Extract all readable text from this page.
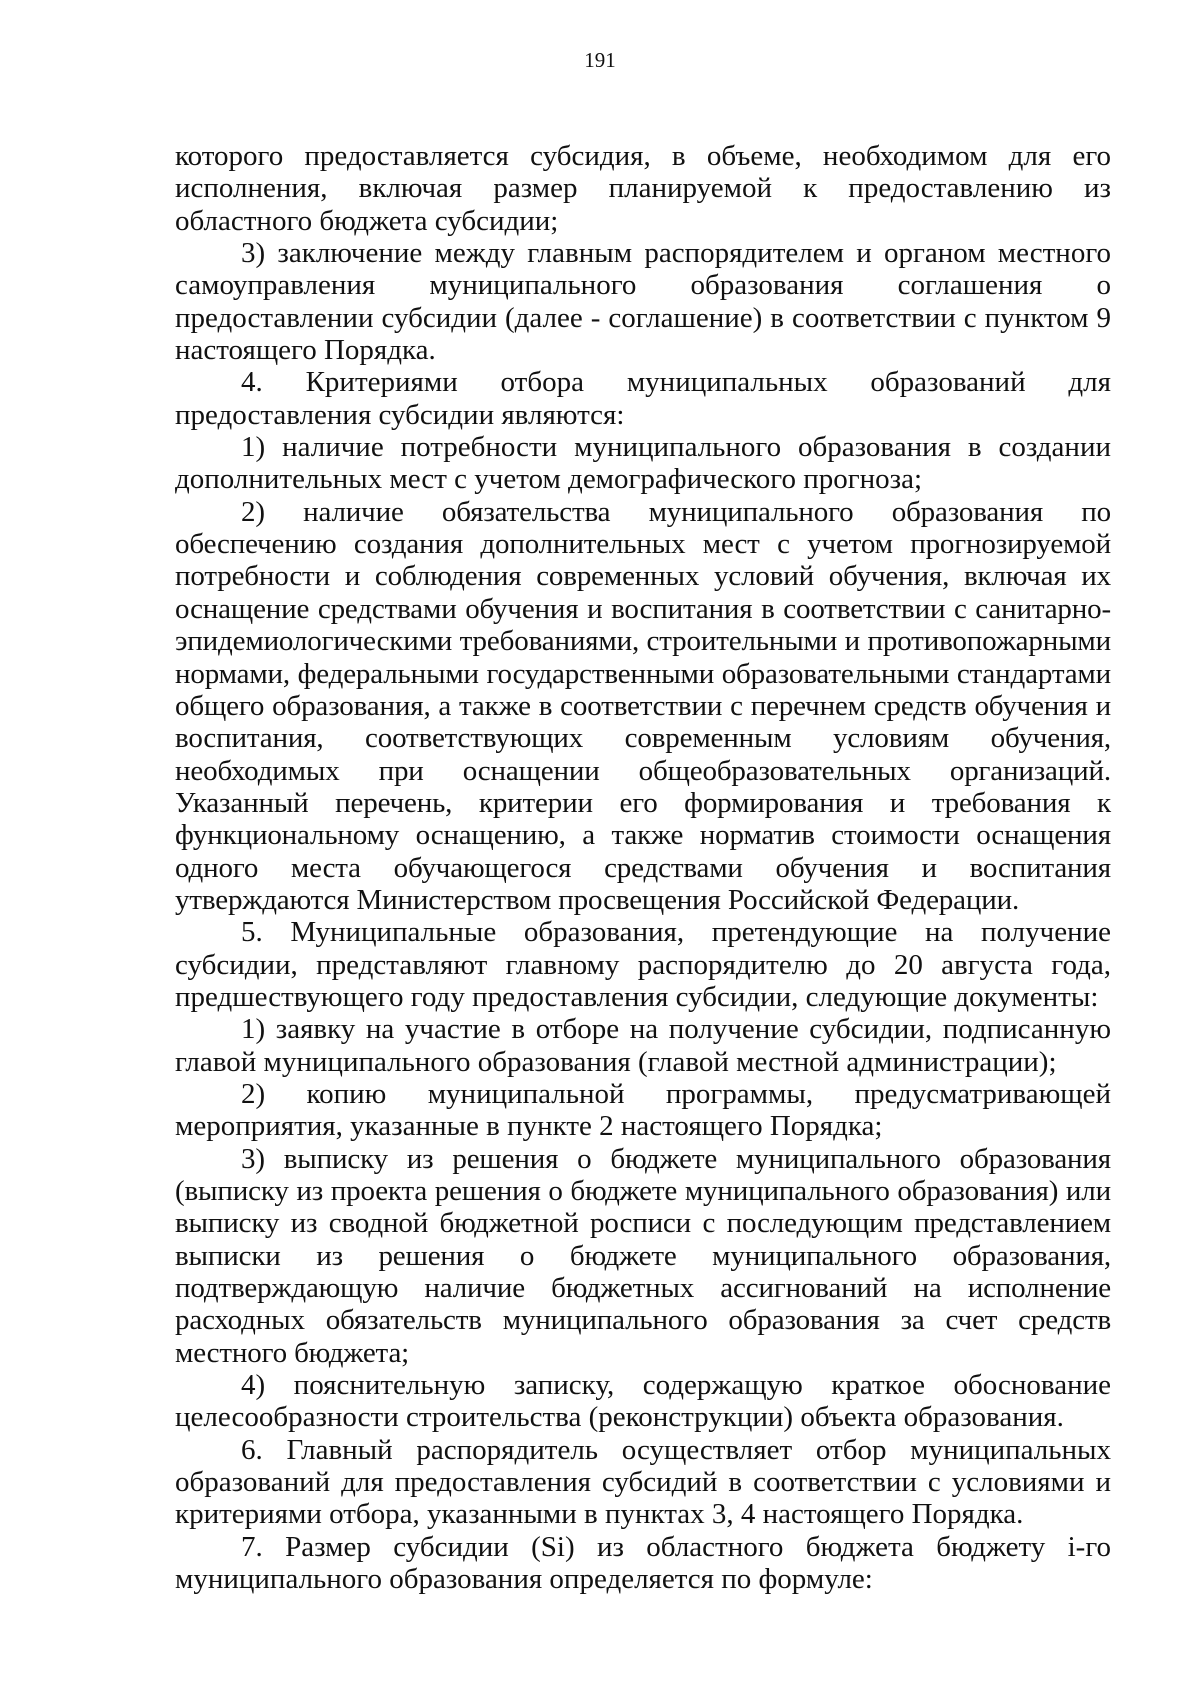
191

которого предоставляется субсидия, в объеме, необходимом для его исполнения, включая размер планируемой к предоставлению из областного бюджета субсидии;

3) заключение между главным распорядителем и органом местного самоуправления муниципального образования соглашения о предоставлении субсидии (далее - соглашение) в соответствии с пунктом 9 настоящего Порядка.

4. Критериями отбора муниципальных образований для предоставления субсидии являются:

1) наличие потребности муниципального образования в создании дополнительных мест с учетом демографического прогноза;

2) наличие обязательства муниципального образования по обеспечению создания дополнительных мест с учетом прогнозируемой потребности и соблюдения современных условий обучения, включая их оснащение средствами обучения и воспитания в соответствии с санитарно-эпидемиологическими требованиями, строительными и противопожарными нормами, федеральными государственными образовательными стандартами общего образования, а также в соответствии с перечнем средств обучения и воспитания, соответствующих современным условиям обучения, необходимых при оснащении общеобразовательных организаций. Указанный перечень, критерии его формирования и требования к функциональному оснащению, а также норматив стоимости оснащения одного места обучающегося средствами обучения и воспитания утверждаются Министерством просвещения Российской Федерации.

5. Муниципальные образования, претендующие на получение субсидии, представляют главному распорядителю до 20 августа года, предшествующего году предоставления субсидии, следующие документы:

1) заявку на участие в отборе на получение субсидии, подписанную главой муниципального образования (главой местной администрации);

2) копию муниципальной программы, предусматривающей мероприятия, указанные в пункте 2 настоящего Порядка;

3) выписку из решения о бюджете муниципального образования (выписку из проекта решения о бюджете муниципального образования) или выписку из сводной бюджетной росписи с последующим представлением выписки из решения о бюджете муниципального образования, подтверждающую наличие бюджетных ассигнований на исполнение расходных обязательств муниципального образования за счет средств местного бюджета;

4) пояснительную записку, содержащую краткое обоснование целесообразности строительства (реконструкции) объекта образования.

6. Главный распорядитель осуществляет отбор муниципальных образований для предоставления субсидий в соответствии с условиями и критериями отбора, указанными в пунктах 3, 4 настоящего Порядка.

7. Размер субсидии (Si) из областного бюджета бюджету i-го муниципального образования определяется по формуле:
